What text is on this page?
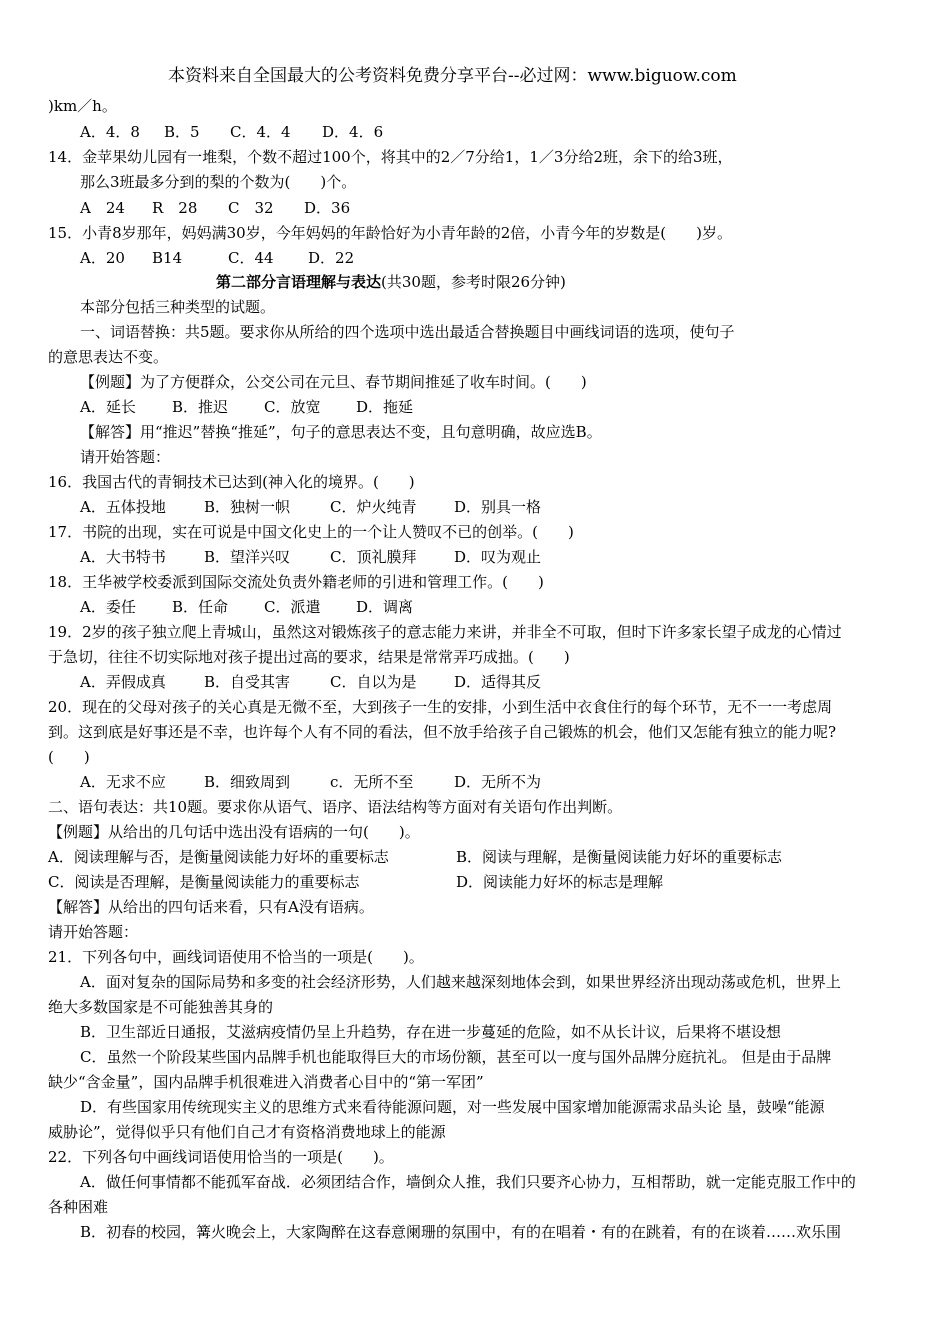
本资料来自全国最大的公考资料免费分享平台--必过网：www.biguow.com
)km／h。
A．4．8 B．5 C．4．4 D．4．6
14．金苹果幼儿园有一堆梨，个数不超过100个，将其中的2／7分给1，1／3分给2班，余下的给3班，
那么3班最多分到的梨的个数为(　　)个。
A　24 R　28 C　32 D．36
15．小青8岁那年，妈妈满30岁，今年妈妈的年龄恰好为小青年龄的2倍，小青今年的岁数是(　　)岁。
A．20 B14	C．44 D．22
第二部分言语理解与表达(共30题，参考时限26分钟)
本部分包括三种类型的试题。
一、词语替换：共5题。要求你从所给的四个选项中选出最适合替换题目中画线词语的选项，使句子
的意思表达不变。
【例题】为了方便群众，公交公司在元旦、春节期间推延了收车时间。(　　)
A．延长 B．推迟 C．放宽 D．拖延
【解答】用“推迟”替换“推延”，句子的意思表达不变，且句意明确，故应选B。
请开始答题：
16．我国古代的青铜技术已达到(神入化的境界。(　　)
A．五体投地	B．独树一帜	C．炉火纯青	D．别具一格
17．书院的出现，实在可说是中国文化史上的一个让人赞叹不已的创举。(　　)
A．大书特书	B．望洋兴叹	C．顶礼膜拜	D．叹为观止
18．王华被学校委派到国际交流处负责外籍老师的引进和管理工作。(　　)
A．委任 B．任命 C．派遣 D．调离
19．2岁的孩子独立爬上青城山，虽然这对锻炼孩子的意志能力来讲，并非全不可取，但时下许多家长望子成龙的心情过
于急切，往往不切实际地对孩子提出过高的要求，结果是常常弄巧成拙。(　　)
A．弄假成真	B．自受其害	C．自以为是	D．适得其反
20．现在的父母对孩子的关心真是无微不至，大到孩子一生的安排，小到生活中衣食住行的每个环节，无不一一考虑周
到。这到底是好事还是不幸，也许每个人有不同的看法，但不放手给孩子自己锻炼的机会，他们又怎能有独立的能力呢?
(　　)
A．无求不应	B．细致周到	c．无所不至	D．无所不为
二、语句表达：共10题。要求你从语气、语序、语法结构等方面对有关语句作出判断。
【例题】从给出的几句话中选出没有语病的一句(　　)。
A．阅读理解与否，是衡量阅读能力好坏的重要标志	B．阅读与理解，是衡量阅读能力好坏的重要标志
C．阅读是否理解，是衡量阅读能力的重要标志	D．阅读能力好坏的标志是理解
【解答】从给出的四句话来看，只有A没有语病。
请开始答题：
21．下列各句中，画线词语使用不恰当的一项是(　　)。
A．面对复杂的国际局势和多变的社会经济形势，人们越来越深刻地体会到，如果世界经济出现动荡或危机，世界上
绝大多数国家是不可能独善其身的
B．卫生部近日通报，艾滋病疫情仍呈上升趋势，存在进一步蔓延的危险，如不从长计议，后果将不堪设想
C．虽然一个阶段某些国内品牌手机也能取得巨大的市场份额，甚至可以一度与国外品牌分庭抗礼。 但是由于品牌
缺少“含金量”，国内品牌手机很难进入消费者心目中的“第一军团”
D．有些国家用传统现实主义的思维方式来看待能源问题，对一些发展中国家增加能源需求品头论 垦，鼓噪“能源
威胁论”，觉得似乎只有他们自己才有资格消费地球上的能源
22．下列各句中画线词语使用恰当的一项是(　　)。
A．做任何事情都不能孤军奋战．必须团结合作，墙倒众人推，我们只要齐心协力，互相帮助，就一定能克服工作中的
各种困难
B．初春的校园，篝火晚会上，大家陶醉在这春意阑珊的氛围中，有的在唱着・有的在跳着，有的在谈着……欢乐围
